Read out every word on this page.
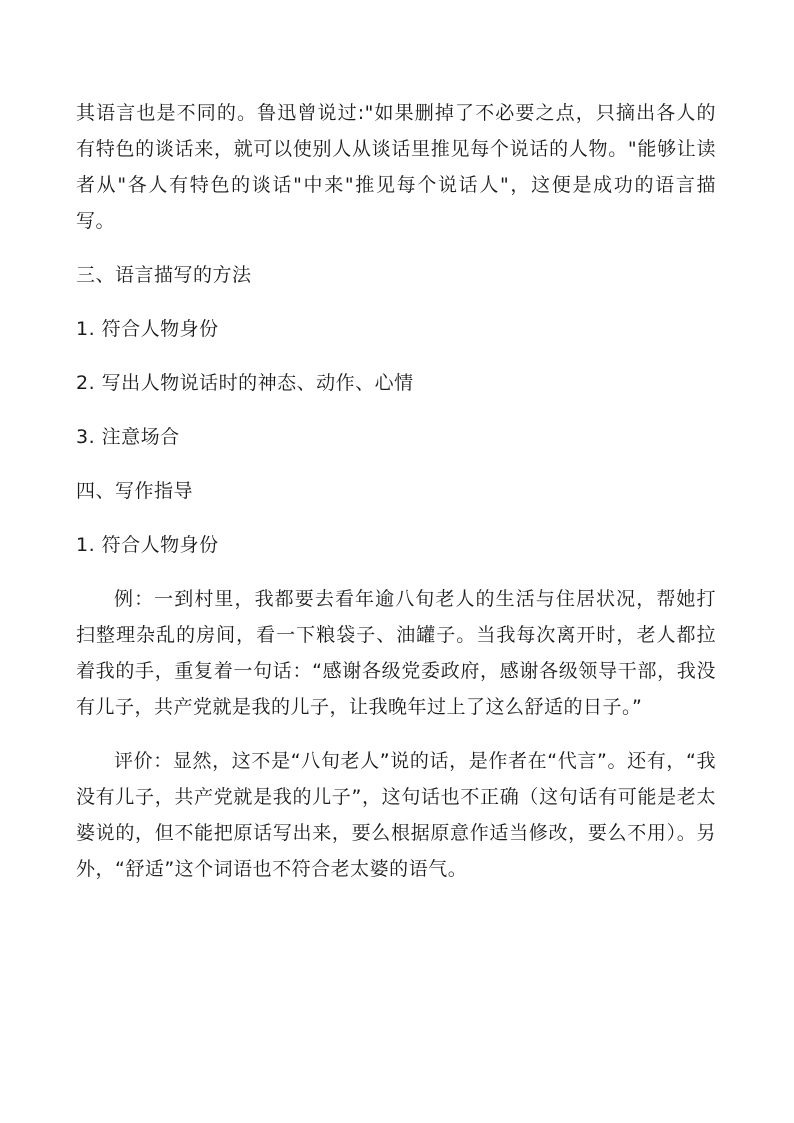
其语言也是不同的。鲁迅曾说过:"如果删掉了不必要之点，只摘出各人的有特色的谈话来，就可以使别人从谈话里推见每个说话的人物。"能够让读者从"各人有特色的谈话"中来"推见每个说话人"，这便是成功的语言描写。

三、语言描写的方法

1. 符合人物身份

2. 写出人物说话时的神态、动作、心情

3. 注意场合

四、写作指导

1. 符合人物身份

例：一到村里，我都要去看年逾八旬老人的生活与住居状况，帮她打扫整理杂乱的房间，看一下粮袋子、油罐子。当我每次离开时，老人都拉着我的手，重复着一句话：“感谢各级党委政府，感谢各级领导干部，我没有儿子，共产党就是我的儿子，让我晚年过上了这么舒适的日子。”

评价：显然，这不是“八旬老人”说的话，是作者在“代言”。还有，“我没有儿子，共产党就是我的儿子”，这句话也不正确（这句话有可能是老太婆说的，但不能把原话写出来，要么根据原意作适当修改，要么不用）。另外，“舒适”这个词语也不符合老太婆的语气。
